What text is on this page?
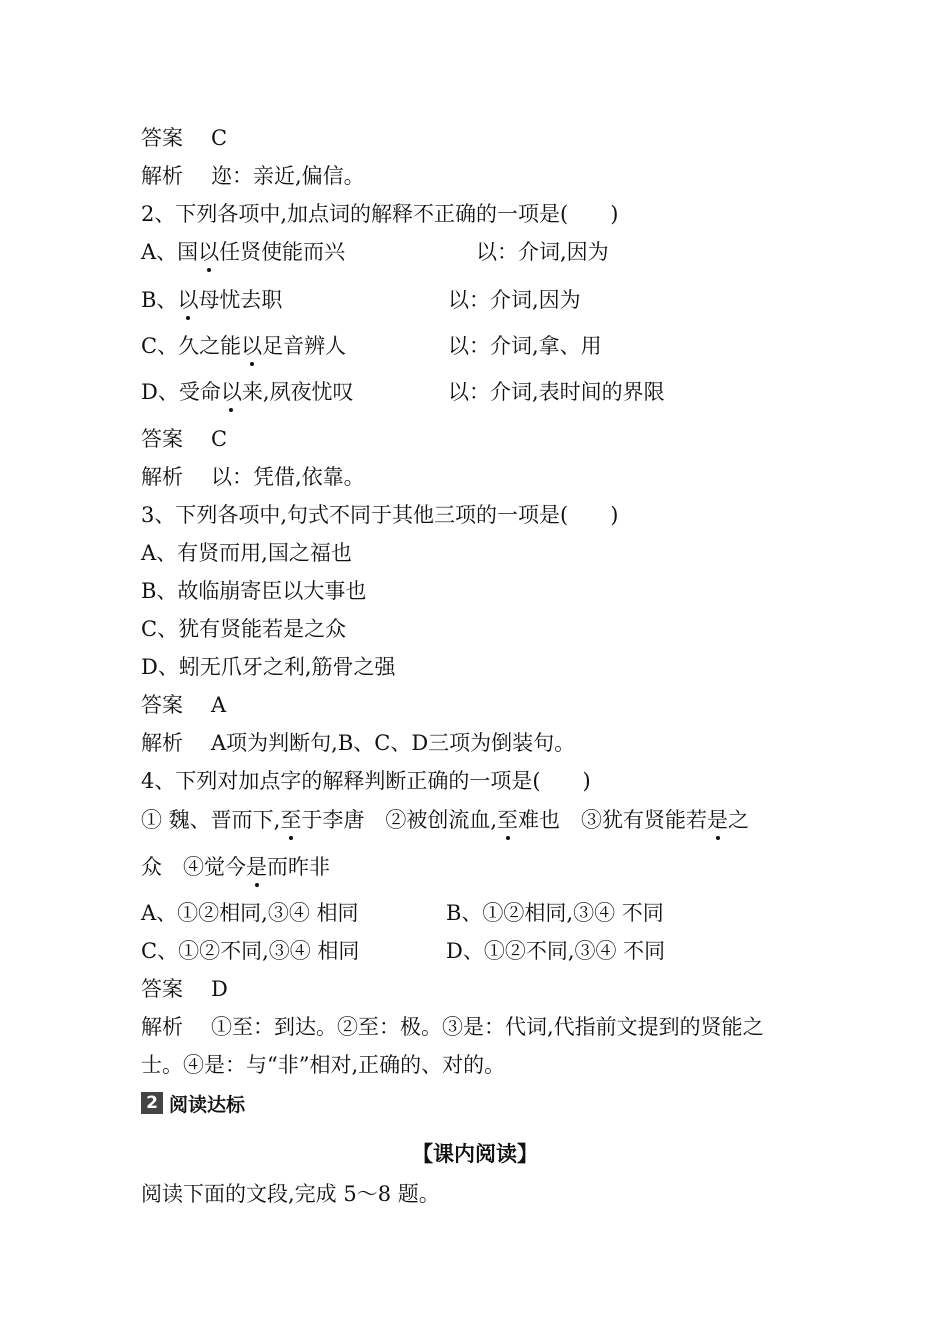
答案 C
解析 迩：亲近,偏信。
2、下列各项中,加点词的解释不正确的一项是(　　)
A、国以任贤使能而兴	以：介词,因为
B、以母忧去职	以：介词,因为
C、久之能以足音辨人	以：介词,拿、用
D、受命以来,夙夜忧叹	以：介词,表时间的界限
答案 C
解析 以：凭借,依靠。
3、下列各项中,句式不同于其他三项的一项是(　　)
A、有贤而用,国之福也
B、故临崩寄臣以大事也
C、犹有贤能若是之众
D、蚓无爪牙之利,筋骨之强
答案 A
解析 A项为判断句,B、C、D三项为倒装句。
4、下列对加点字的解释判断正确的一项是(　　)
① 魏、晋而下,至于李唐　②被创流血,至难也　③犹有贤能若是之
众　④觉今是而昨非
A、①②相同,③④ 相同	B、①②相同,③④ 不同
C、①②不同,③④ 相同	D、①②不同,③④ 不同
答案 D
解析 ①至：到达。②至：极。③是：代词,代指前文提到的贤能之
士。④是：与“非”相对,正确的、对的。
2 阅读达标
【课内阅读】
阅读下面的文段,完成 5～8 题。
